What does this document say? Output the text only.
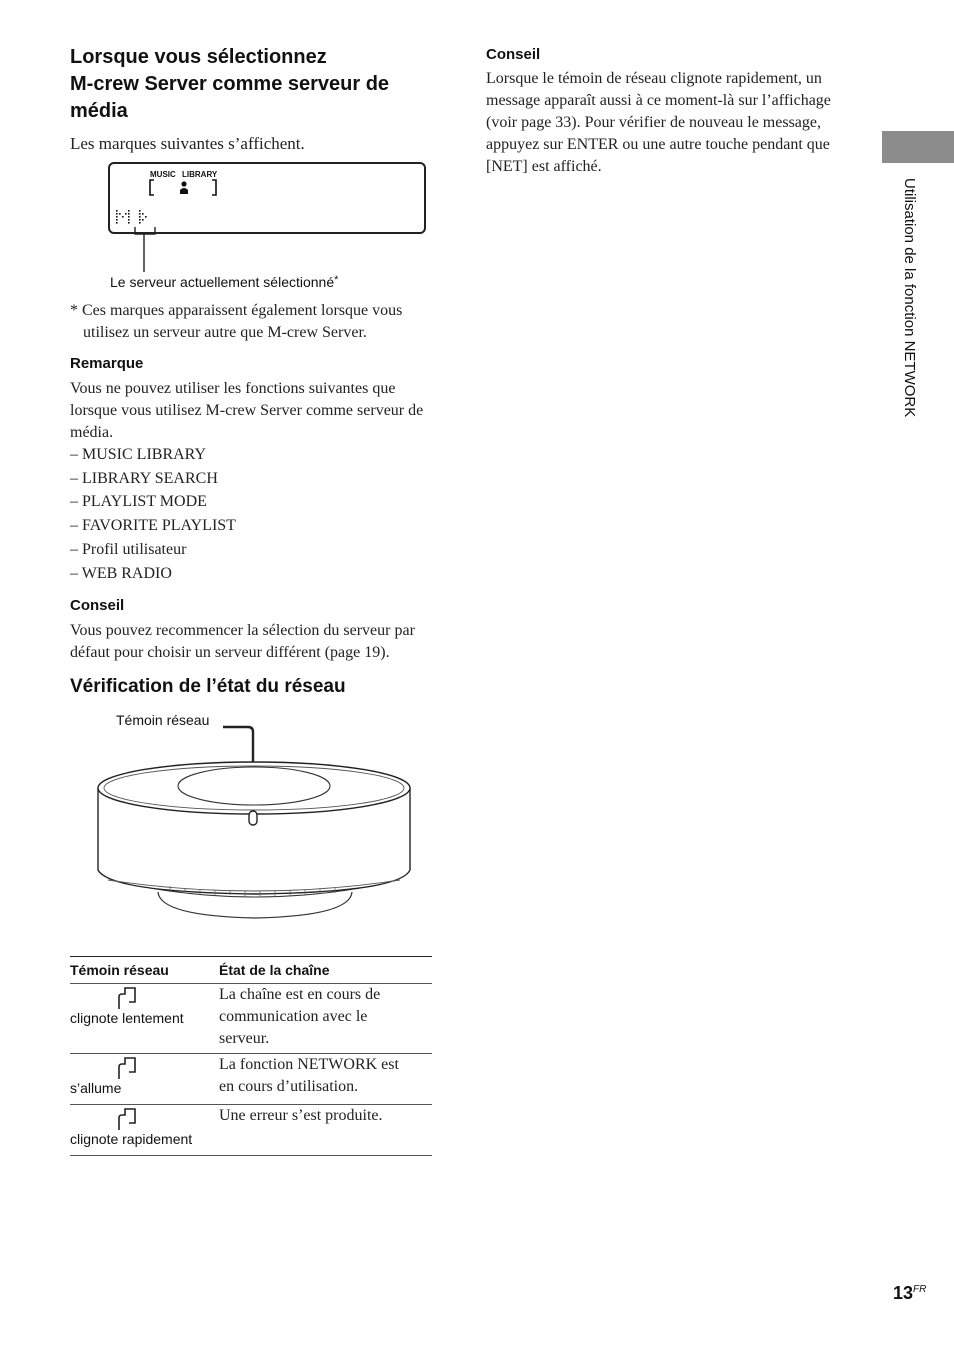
Lorsque vous sélectionnez
M-crew Server comme serveur de
média
Les marques suivantes s’affichent.
MUSIC LIBRARY
Le serveur actuellement sélectionné*
* Ces marques apparaissent également lorsque vous
utilisez un serveur autre que M-crew Server.
Remarque
Vous ne pouvez utiliser les fonctions suivantes que
lorsque vous utilisez M-crew Server comme serveur de
média.
– MUSIC LIBRARY
– LIBRARY SEARCH
– PLAYLIST MODE
– FAVORITE PLAYLIST
– Profil utilisateur
– WEB RADIO
Conseil
Vous pouvez recommencer la sélection du serveur par
défaut pour choisir un serveur différent (page 19).
Vérification de l’état du réseau
Témoin réseau
Témoin réseau	État de la chaîne

clignote lentement	La chaîne est en cours de
communication avec le
serveur.

s’allume	La fonction NETWORK est
en cours d’utilisation.

clignote rapidement	Une erreur s’est produite.
Conseil
Lorsque le témoin de réseau clignote rapidement, un
message apparaît aussi à ce moment-là sur l’affichage
(voir page 33). Pour vérifier de nouveau le message,
appuyez sur ENTER ou une autre touche pendant que
[NET] est affiché.
Utilisation de la fonction NETWORK
$13^{FR}$
